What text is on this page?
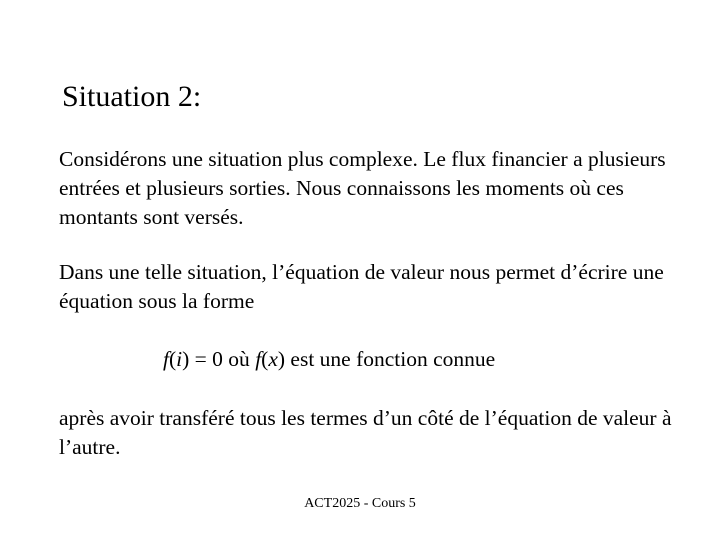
Situation 2:
Considérons une situation plus complexe. Le flux financier a plusieurs entrées et plusieurs sorties. Nous connaissons les moments où ces montants sont versés.
Dans une telle situation, l’équation de valeur nous permet d’écrire une équation sous la forme
f(i) = 0 où f(x) est une fonction connue
après avoir transféré tous les termes d’un côté de l’équation de valeur à l’autre.
ACT2025 - Cours 5
